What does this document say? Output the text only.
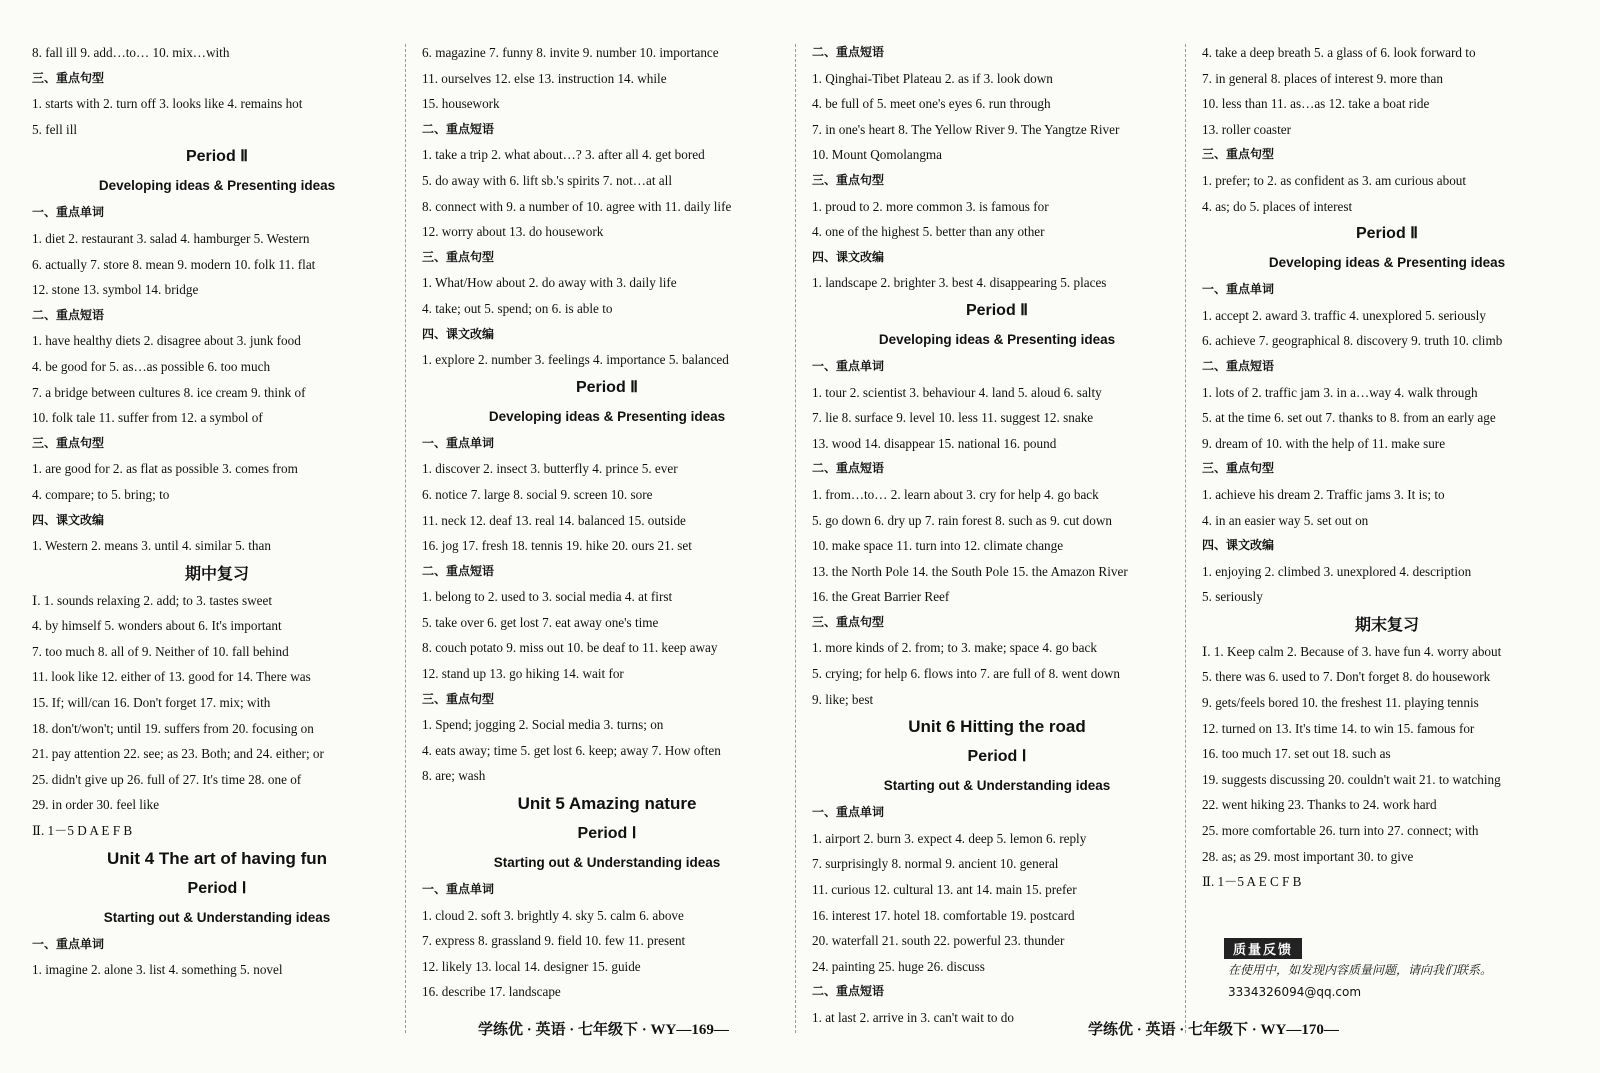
8. fall ill 9. add…to… 10. mix…with
三、重点句型
1. starts with 2. turn off 3. looks like 4. remains hot
5. fell ill
Period Ⅱ
Developing ideas & Presenting ideas
一、重点单词
1. diet 2. restaurant 3. salad 4. hamburger 5. Western
6. actually 7. store 8. mean 9. modern 10. folk 11. flat
12. stone 13. symbol 14. bridge
二、重点短语
1. have healthy diets 2. disagree about 3. junk food
4. be good for 5. as…as possible 6. too much
7. a bridge between cultures 8. ice cream 9. think of
10. folk tale 11. suffer from 12. a symbol of
三、重点句型
1. are good for 2. as flat as possible 3. comes from
4. compare; to 5. bring; to
四、课文改编
1. Western 2. means 3. until 4. similar 5. than
期中复习
Ⅰ. 1. sounds relaxing 2. add; to 3. tastes sweet
4. by himself 5. wonders about 6. It's important
7. too much 8. all of 9. Neither of 10. fall behind
11. look like 12. either of 13. good for 14. There was
15. If; will/can 16. Don't forget 17. mix; with
18. don't/won't; until 19. suffers from 20. focusing on
21. pay attention 22. see; as 23. Both; and 24. either; or
25. didn't give up 26. full of 27. It's time 28. one of
29. in order 30. feel like
Ⅱ. 1－5 D A E F B
Unit 4 The art of having fun
Period Ⅰ
Starting out & Understanding ideas
一、重点单词
1. imagine 2. alone 3. list 4. something 5. novel
6. magazine 7. funny 8. invite 9. number 10. importance
11. ourselves 12. else 13. instruction 14. while
15. housework
二、重点短语
1. take a trip 2. what about…? 3. after all 4. get bored
5. do away with 6. lift sb.'s spirits 7. not…at all
8. connect with 9. a number of 10. agree with 11. daily life
12. worry about 13. do housework
三、重点句型
1. What/How about 2. do away with 3. daily life
4. take; out 5. spend; on 6. is able to
四、课文改编
1. explore 2. number 3. feelings 4. importance 5. balanced
Period Ⅱ
Developing ideas & Presenting ideas
一、重点单词
1. discover 2. insect 3. butterfly 4. prince 5. ever
6. notice 7. large 8. social 9. screen 10. sore
11. neck 12. deaf 13. real 14. balanced 15. outside
16. jog 17. fresh 18. tennis 19. hike 20. ours 21. set
二、重点短语
1. belong to 2. used to 3. social media 4. at first
5. take over 6. get lost 7. eat away one's time
8. couch potato 9. miss out 10. be deaf to 11. keep away
12. stand up 13. go hiking 14. wait for
三、重点句型
1. Spend; jogging 2. Social media 3. turns; on
4. eats away; time 5. get lost 6. keep; away 7. How often
8. are; wash
Unit 5 Amazing nature
Period Ⅰ
Starting out & Understanding ideas
一、重点单词
1. cloud 2. soft 3. brightly 4. sky 5. calm 6. above
7. express 8. grassland 9. field 10. few 11. present
12. likely 13. local 14. designer 15. guide
16. describe 17. landscape
二、重点短语
1. Qinghai-Tibet Plateau 2. as if 3. look down
4. be full of 5. meet one's eyes 6. run through
7. in one's heart 8. The Yellow River 9. The Yangtze River
10. Mount Qomolangma
三、重点句型
1. proud to 2. more common 3. is famous for
4. one of the highest 5. better than any other
四、课文改编
1. landscape 2. brighter 3. best 4. disappearing 5. places
Period Ⅱ
Developing ideas & Presenting ideas
一、重点单词
1. tour 2. scientist 3. behaviour 4. land 5. aloud 6. salty
7. lie 8. surface 9. level 10. less 11. suggest 12. snake
13. wood 14. disappear 15. national 16. pound
二、重点短语
1. from…to… 2. learn about 3. cry for help 4. go back
5. go down 6. dry up 7. rain forest 8. such as 9. cut down
10. make space 11. turn into 12. climate change
13. the North Pole 14. the South Pole 15. the Amazon River
16. the Great Barrier Reef
三、重点句型
1. more kinds of 2. from; to 3. make; space 4. go back
5. crying; for help 6. flows into 7. are full of 8. went down
9. like; best
Unit 6 Hitting the road
Period Ⅰ
Starting out & Understanding ideas
一、重点单词
1. airport 2. burn 3. expect 4. deep 5. lemon 6. reply
7. surprisingly 8. normal 9. ancient 10. general
11. curious 12. cultural 13. ant 14. main 15. prefer
16. interest 17. hotel 18. comfortable 19. postcard
20. waterfall 21. south 22. powerful 23. thunder
24. painting 25. huge 26. discuss
二、重点短语
1. at last 2. arrive in 3. can't wait to do
4. take a deep breath 5. a glass of 6. look forward to
7. in general 8. places of interest 9. more than
10. less than 11. as…as 12. take a boat ride
13. roller coaster
三、重点句型
1. prefer; to 2. as confident as 3. am curious about
4. as; do 5. places of interest
Period Ⅱ
Developing ideas & Presenting ideas
一、重点单词
1. accept 2. award 3. traffic 4. unexplored 5. seriously
6. achieve 7. geographical 8. discovery 9. truth 10. climb
二、重点短语
1. lots of 2. traffic jam 3. in a…way 4. walk through
5. at the time 6. set out 7. thanks to 8. from an early age
9. dream of 10. with the help of 11. make sure
三、重点句型
1. achieve his dream 2. Traffic jams 3. It is; to
4. in an easier way 5. set out on
四、课文改编
1. enjoying 2. climbed 3. unexplored 4. description
5. seriously
期末复习
Ⅰ. 1. Keep calm 2. Because of 3. have fun 4. worry about
5. there was 6. used to 7. Don't forget 8. do housework
9. gets/feels bored 10. the freshest 11. playing tennis
12. turned on 13. It's time 14. to win 15. famous for
16. too much 17. set out 18. such as
19. suggests discussing 20. couldn't wait 21. to watching
22. went hiking 23. Thanks to 24. work hard
25. more comfortable 26. turn into 27. connect; with
28. as; as 29. most important 30. to give
Ⅱ. 1－5 A E C F B
质量反馈
在使用中，如发现内容质量问题，请向我们联系。
3334326094@qq.com
学练优 · 英语 · 七年级下 · WY—169—	学练优 · 英语 · 七年级下 · WY—170—
